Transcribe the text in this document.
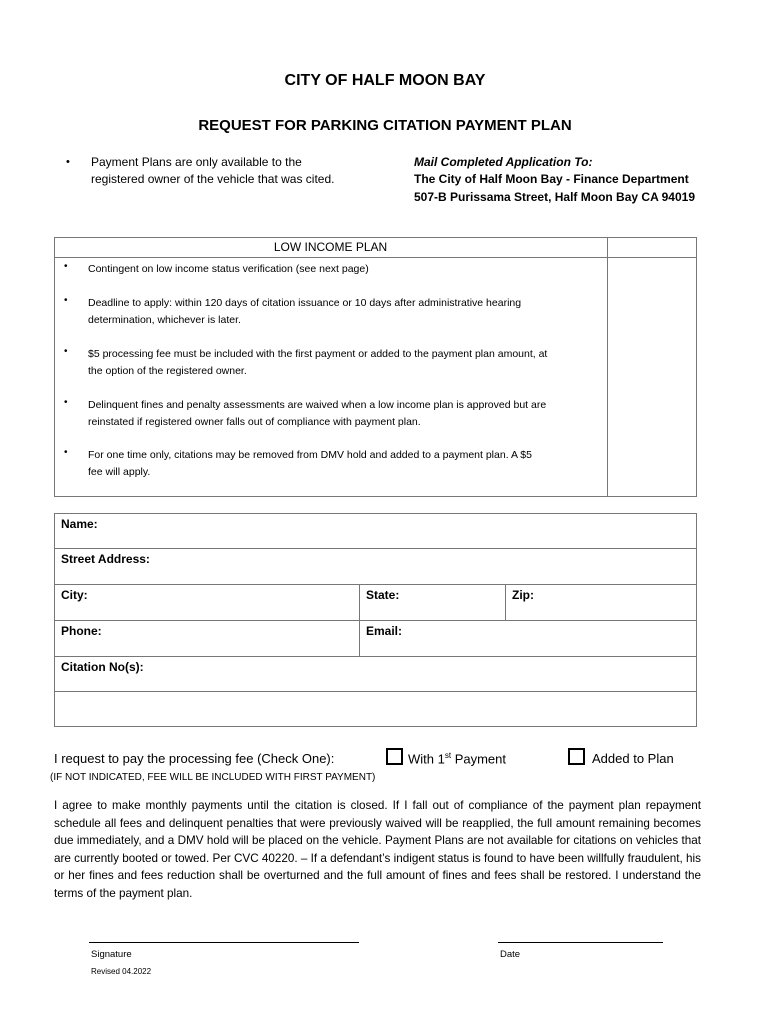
CITY OF HALF MOON BAY
REQUEST FOR PARKING CITATION PAYMENT PLAN
• Payment Plans are only available to the
registered owner of the vehicle that was cited.
Mail Completed Application To:
The City of Half Moon Bay - Finance Department
507-B Purissama Street, Half Moon Bay CA 94019
LOW INCOME PLAN
• Contingent on low income status verification (see next page)
• Deadline to apply: within 120 days of citation issuance or 10 days after administrative hearing
determination, whichever is later.
• $5 processing fee must be included with the first payment or added to the payment plan amount, at
the option of the registered owner.
• Delinquent fines and penalty assessments are waived when a low income plan is approved but are
reinstated if registered owner falls out of compliance with payment plan.
• For one time only, citations may be removed from DMV hold and added to a payment plan. A $5
fee will apply.
Name:
Street Address:
City:	State:	Zip:
Phone:	Email:
Citation No(s):
I request to pay the processing fee (Check One):	With 1st Payment	Added to Plan
(IF NOT INDICATED, FEE WILL BE INCLUDED WITH FIRST PAYMENT)
I agree to make monthly payments until the citation is closed. If I fall out of compliance of the payment plan repayment schedule all fees and delinquent penalties that were previously waived will be reapplied, the full amount remaining becomes due immediately, and a DMV hold will be placed on the vehicle. Payment Plans are not available for citations on vehicles that are currently booted or towed. Per CVC 40220. – If a defendant’s indigent status is found to have been willfully fraudulent, his or her fines and fees reduction shall be overturned and the full amount of fines and fees shall be restored. I understand the terms of the payment plan.
Signature	Date
Revised 04.2022
